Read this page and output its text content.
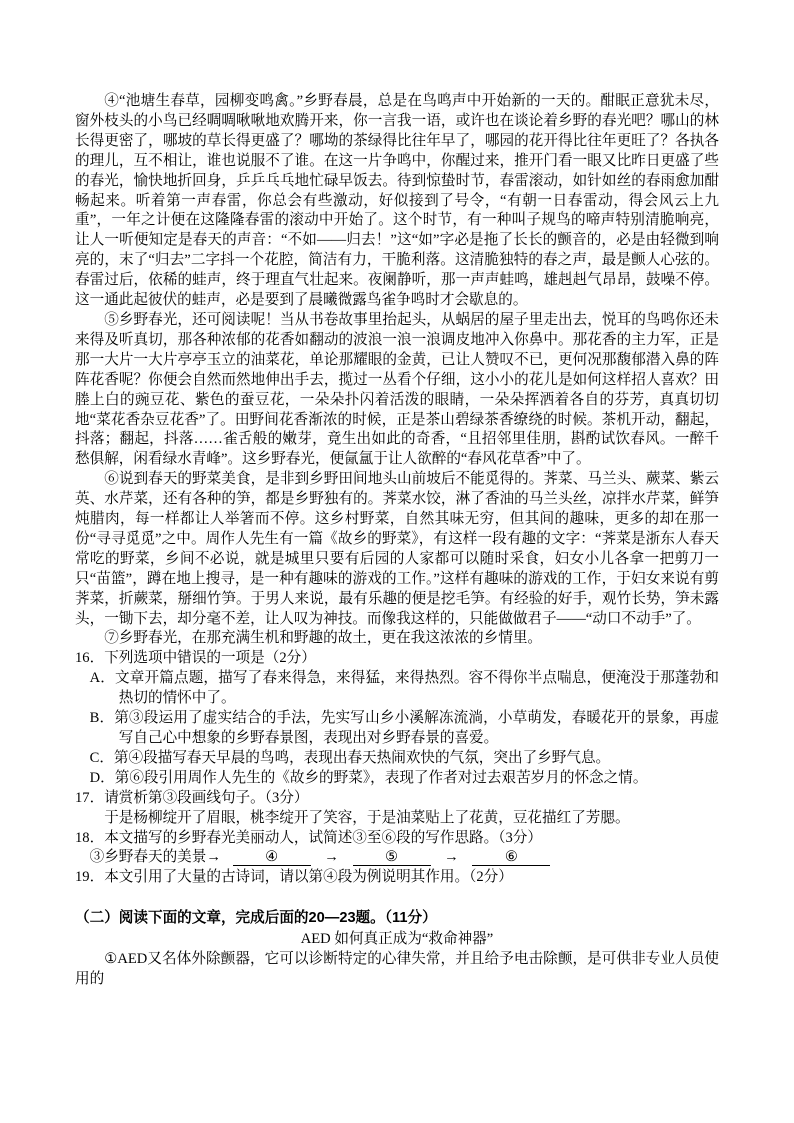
④“池塘生春草，园柳变鸣禽。”乡野春晨，总是在鸟鸣声中开始新的一天的。酣眠正意犹未尽，窗外枝头的小鸟已经啁啁啾啾地欢腾开来，你一言我一语，或许也在谈论着乡野的春光吧？哪山的林长得更密了，哪坡的草长得更盛了？哪坳的茶绿得比往年早了，哪园的花开得比往年更旺了？各执各的理儿，互不相让，谁也说服不了谁。在这一片争鸣中，你醒过来，推开门看一眼又比昨日更盛了些的春光，愉快地折回身，乒乒乓乓地忙碌早饭去。待到惊蛰时节，春雷滚动，如针如丝的春雨愈加酣畅起来。听着第一声春雷，你总会有些激动，好似接到了号令，“有朝一日春雷动，得会风云上九重”，一年之计便在这隆隆春雷的滚动中开始了。这个时节，有一种叫子规鸟的啼声特别清脆响亮，让人一听便知定是春天的声音：“不如——归去！”这“如”字必是拖了长长的颤音的，必是由轻微到响亮的，末了“归去”二字抖一个花腔，简洁有力，干脆利落。这清脆独特的春之声，最是颤人心弦的。春雷过后，依稀的蛙声，终于理直气壮起来。夜阑静听，那一声声蛙鸣，雄赳赳气昂昂，鼓噪不停。这一通此起彼伏的蛙声，必是要到了晨曦微露鸟雀争鸣时才会歇息的。

⑤乡野春光，还可阅读呢！当从书卷故事里抬起头，从蜗居的屋子里走出去，悦耳的鸟鸣你还未来得及听真切，那各种浓郁的花香如翻动的波浪一浪一浪调皮地冲入你鼻中。那花香的主力军，正是那一大片一大片亭亭玉立的油菜花，单论那耀眼的金黄，已让人赞叹不已，更何况那馥郁潜入鼻的阵阵花香呢？你便会自然而然地伸出手去，揽过一丛看个仔细，这小小的花儿是如何这样招人喜欢？田塍上白的豌豆花、紫色的蚕豆花，一朵朵扑闪着活泼的眼睛，一朵朵挥洒着各自的芬芳，真真切切地“菜花香杂豆花香”了。田野间花香渐浓的时候，正是茶山碧绿茶香缭绕的时候。茶机开动，翻起，抖落；翻起，抖落……雀舌般的嫩芽，竟生出如此的奇香，“且招邻里佳朋，斟酌试饮春风。一醉千愁俱解，闲看绿水青峰”。这乡野春光，便氤氲于让人欲醉的“春风花草香”中了。

⑥说到春天的野菜美食，是非到乡野田间地头山前坡后不能觅得的。荠菜、马兰头、蕨菜、紫云英、水芹菜，还有各种的笋，都是乡野独有的。荠菜水饺，淋了香油的马兰头丝，凉拌水芹菜，鲜笋炖腊肉，每一样都让人举箸而不停。这乡村野菜，自然其味无穷，但其间的趣味，更多的却在那一份“寻寻觅觅”之中。周作人先生有一篇《故乡的野菜》，有这样一段有趣的文字：“荠菜是浙东人春天常吃的野菜，乡间不必说，就是城里只要有后园的人家都可以随时采食，妇女小儿各拿一把剪刀一只“苗篮”，蹲在地上搜寻，是一种有趣味的游戏的工作。”这样有趣味的游戏的工作，于妇女来说有剪荠菜，折蕨菜，掰细竹笋。于男人来说，最有乐趣的便是挖毛笋。有经验的好手，观竹长势，笋未露头，一锄下去，却分毫不差，让人叹为神技。而像我这样的，只能做做君子——“动口不动手”了。

⑦乡野春光，在那充满生机和野趣的故土，更在我这浓浓的乡情里。

16．下列选项中错误的一项是（2分）

A．文章开篇点题，描写了春来得急，来得猛，来得热烈。容不得你半点喘息，便淹没于那蓬勃和热切的情怀中了。

B．第③段运用了虚实结合的手法，先实写山乡小溪解冻流淌，小草萌发，春暖花开的景象，再虚写自己心中想象的乡野春景图，表现出对乡野春景的喜爱。

C．第④段描写春天早晨的鸟鸣，表现出春天热闹欢快的气氛，突出了乡野气息。

D．第⑥段引用周作人先生的《故乡的野菜》，表现了作者对过去艰苦岁月的怀念之情。

17．请赏析第③段画线句子。（3分）

于是杨柳绽开了眉眼，桃李绽开了笑容，于是油菜贴上了花黄，豆花描红了芳腮。

18．本文描写的乡野春光美丽动人，试简述③至⑥段的写作思路。（3分）

③乡野春天的美景→	④	→	⑤	→	⑥

19．本文引用了大量的古诗词，请以第④段为例说明其作用。（2分）

（二）阅读下面的文章，完成后面的20—23题。（11分）

AED 如何真正成为“救命神器”

①AED又名体外除颤器，它可以诊断特定的心律失常，并且给予电击除颤，是可供非专业人员使用的
